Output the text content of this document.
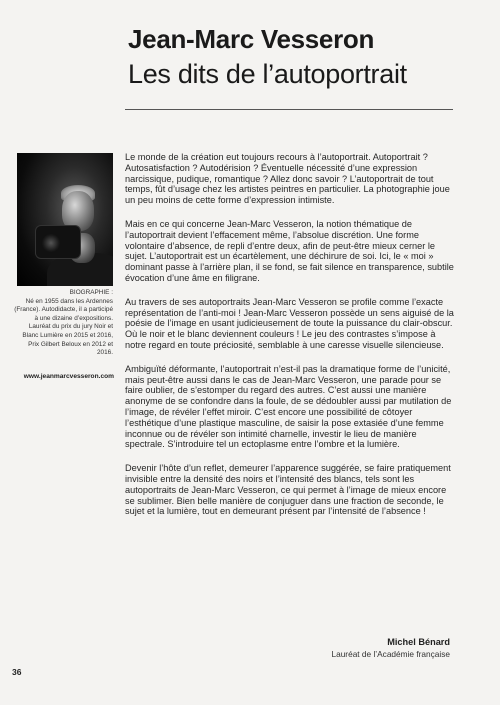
Jean-Marc Vesseron
Les dits de l’autoportrait
BIOGRAPHIE :
Né en 1955 dans les Ardennes (France). Autodidacte, il a participé à une dizaine d’expositions. Lauréat du prix du jury Noir et Blanc Lumière en 2015 et 2016, Prix Gilbert Beloux en 2012 et 2016.
www.jeanmarcvesseron.com

Le monde de la création eut toujours recours à l’autoportrait. Autoportrait ? Autosatisfaction ? Autodérision ? Éventuelle nécessité d’une expression narcissique, pudique, romantique ? Allez donc savoir ? L’autoportrait de tout temps, fût d’usage chez les artistes peintres en particulier. La photographie joue un peu moins de cette forme d’expression intimiste.

Mais en ce qui concerne Jean-Marc Vesseron, la notion thématique de l’autoportrait devient l’effacement même, l’absolue discrétion. Une forme volontaire d’absence, de repli d’entre deux, afin de peut-être mieux cerner le sujet. L’autoportrait est un écartèlement, une déchirure de soi. Ici, le « moi » dominant passe à l’arrière plan, il se fond, se fait silence en transparence, subtile évocation d’une âme en filigrane.

Au travers de ses autoportraits Jean-Marc Vesseron se profile comme l’exacte représentation de l’anti-moi ! Jean-Marc Vesseron possède un sens aiguisé de la poésie de l’image en usant judicieusement de toute la puissance du clair-obscur. Où le noir et le blanc deviennent couleurs ! Le jeu des contrastes s’impose à notre regard en toute préciosité, semblable à une caresse visuelle silencieuse.

Ambiguïté déformante, l’autoportrait n’est-il pas la dramatique forme de l’unicité, mais peut-être aussi dans le cas de Jean-Marc Vesseron, une parade pour se faire oublier, de s’estomper du regard des autres. C’est aussi une manière anonyme de se confondre dans la foule, de se dédoubler aussi par mutilation de l’image, de révéler l’effet miroir. C’est encore une possibilité de côtoyer l’esthétique d’une plastique masculine, de saisir la pose extasiée d’une femme inconnue ou de révéler son intimité charnelle, investir le lieu de manière spectrale. S’introduire tel un ectoplasme entre l’ombre et la lumière.

Devenir l’hôte d’un reflet, demeurer l’apparence suggérée, se faire pratiquement invisible entre la densité des noirs et l’intensité des blancs, tels sont les autoportraits de Jean-Marc Vesseron, ce qui permet à l’image de mieux encore se sublimer. Bien belle manière de conjuguer dans une fraction de seconde, le sujet et la lumière, tout en demeurant présent par l’intensité de l’absence !

Michel Bénard
Lauréat de l’Académie française
36
